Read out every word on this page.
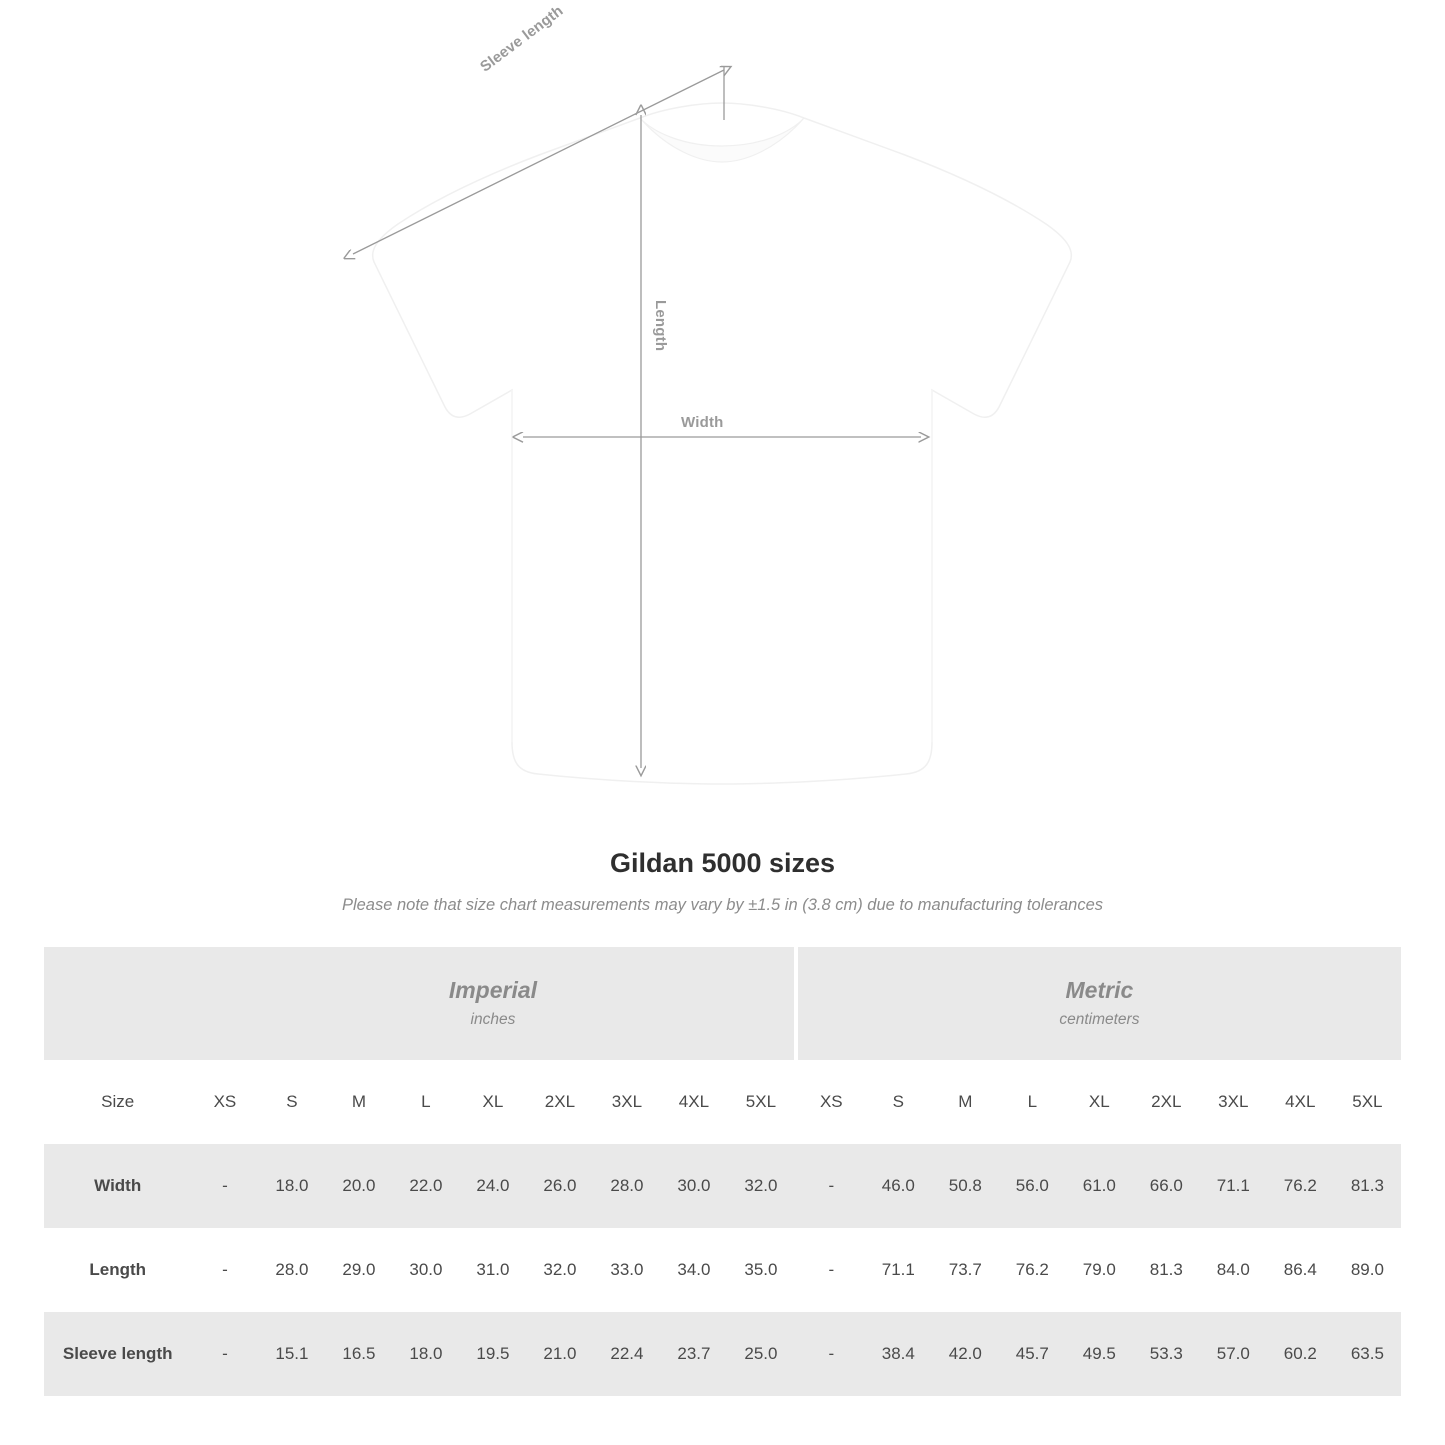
Width
Length
Sleeve length
Gildan 5000 sizes

Please note that size chart measurements may vary by ±1.5 in (3.8 cm) due to manufacturing tolerances

Imperial
inches

Metric
centimeters

Size	XS	S	M	L	XL	2XL	3XL	4XL	5XL		XS	S	M	L	XL	2XL	3XL	4XL	5XL
Width	-	18.0	20.0	22.0	24.0	26.0	28.0	30.0	32.0		-	46.0	50.8	56.0	61.0	66.0	71.1	76.2	81.3
Length	-	28.0	29.0	30.0	31.0	32.0	33.0	34.0	35.0		-	71.1	73.7	76.2	79.0	81.3	84.0	86.4	89.0
Sleeve length	-	15.1	16.5	18.0	19.5	21.0	22.4	23.7	25.0		-	38.4	42.0	45.7	49.5	53.3	57.0	60.2	63.5
